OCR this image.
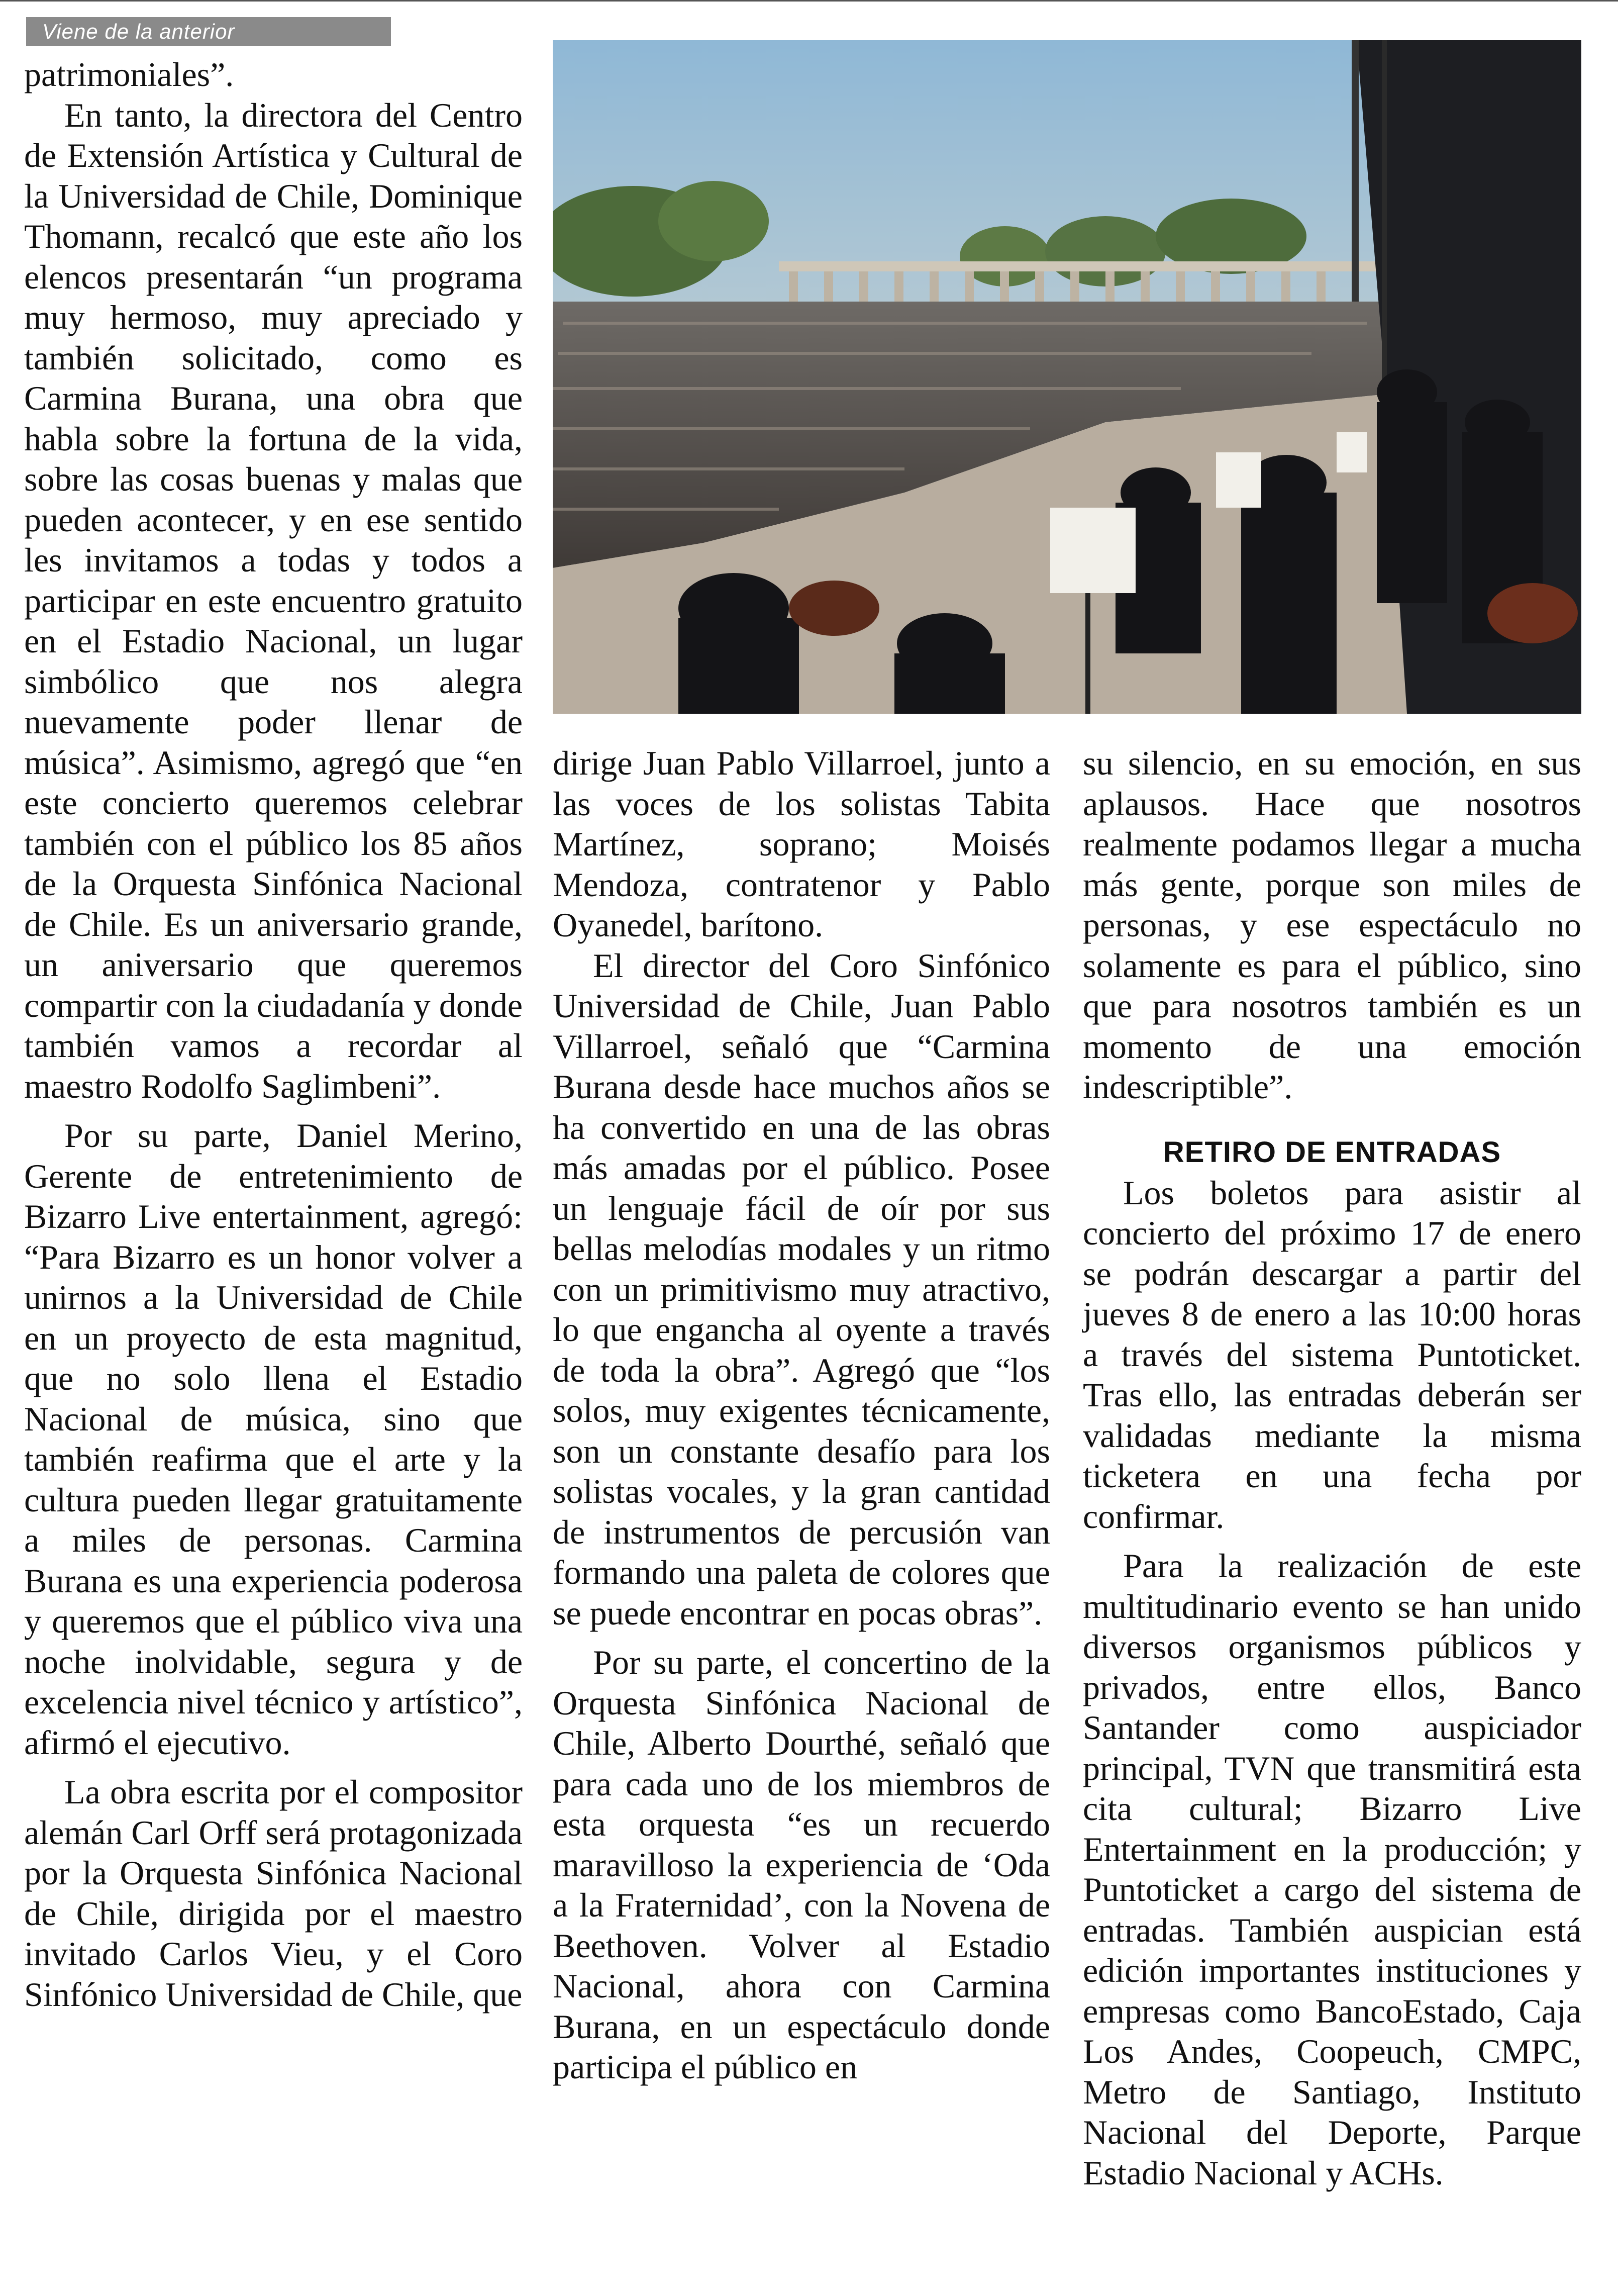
Viene de la anterior

patrimoniales”.

En tanto, la directora del Centro de Extensión Artística y Cultural de la Universidad de Chile, Dominique Thomann, recalcó que este año los elencos presentarán “un programa muy hermoso, muy apreciado y también solicitado, como es Carmina Burana, una obra que habla sobre la fortuna de la vida, sobre las cosas buenas y malas que pueden acontecer, y en ese sentido les invitamos a todas y todos a participar en este encuentro gratuito en el Estadio Nacional, un lugar simbólico que nos alegra nuevamente poder llenar de música”. Asimismo, agregó que “en este concierto queremos celebrar también con el público los 85 años de la Orquesta Sinfónica Nacional de Chile. Es un aniversario grande, un aniversario que queremos compartir con la ciudadanía y donde también vamos a recordar al maestro Rodolfo Saglimbeni”.

Por su parte, Daniel Merino, Gerente de entretenimiento de Bizarro Live entertainment, agregó: “Para Bizarro es un honor volver a unirnos a la Universidad de Chile en un proyecto de esta magnitud, que no solo llena el Estadio Nacional de música, sino que también reafirma que el arte y la cultura pueden llegar gratuitamente a miles de personas. Carmina Burana es una experiencia poderosa y queremos que el público viva una noche inolvidable, segura y de excelencia nivel técnico y artístico”, afirmó el ejecutivo.

La obra escrita por el compositor alemán Carl Orff será protagonizada por la Orquesta Sinfónica Nacional de Chile, dirigida por el maestro invitado Carlos Vieu, y el Coro Sinfónico Universidad de Chile, que

dirige Juan Pablo Villarroel, junto a las voces de los solistas Tabita Martínez, soprano; Moisés Mendoza, contratenor y Pablo Oyanedel, barítono.

El director del Coro Sinfónico Universidad de Chile, Juan Pablo Villarroel, señaló que “Carmina Burana desde hace muchos años se ha convertido en una de las obras más amadas por el público. Posee un lenguaje fácil de oír por sus bellas melodías modales y un ritmo con un primitivismo muy atractivo, lo que engancha al oyente a través de toda la obra”. Agregó que “los solos, muy exigentes técnicamente, son un constante desafío para los solistas vocales, y la gran cantidad de instrumentos de percusión van formando una paleta de colores que se puede encontrar en pocas obras”.

Por su parte, el concertino de la Orquesta Sinfónica Nacional de Chile, Alberto Dourthé, señaló que para cada uno de los miembros de esta orquesta “es un recuerdo maravilloso la experiencia de ‘Oda a la Fraternidad’, con la Novena de Beethoven. Volver al Estadio Nacional, ahora con Carmina Burana, en un espectáculo donde participa el público en

su silencio, en su emoción, en sus aplausos. Hace que nosotros realmente podamos llegar a mucha más gente, porque son miles de personas, y ese espectáculo no solamente es para el público, sino que para nosotros también es un momento de una emoción indescriptible”.

RETIRO DE ENTRADAS

Los boletos para asistir al concierto del próximo 17 de enero se podrán descargar a partir del jueves 8 de enero a las 10:00 horas a través del sistema Puntoticket. Tras ello, las entradas deberán ser validadas mediante la misma ticketera en una fecha por confirmar.

Para la realización de este multitudinario evento se han unido diversos organismos públicos y privados, entre ellos, Banco Santander como auspiciador principal, TVN que transmitirá esta cita cultural; Bizarro Live Entertainment en la producción; y Puntoticket a cargo del sistema de entradas. También auspician está edición importantes instituciones y empresas como BancoEstado, Caja Los Andes, Coopeuch, CMPC, Metro de Santiago, Instituto Nacional del Deporte, Parque Estadio Nacional y ACHs.
